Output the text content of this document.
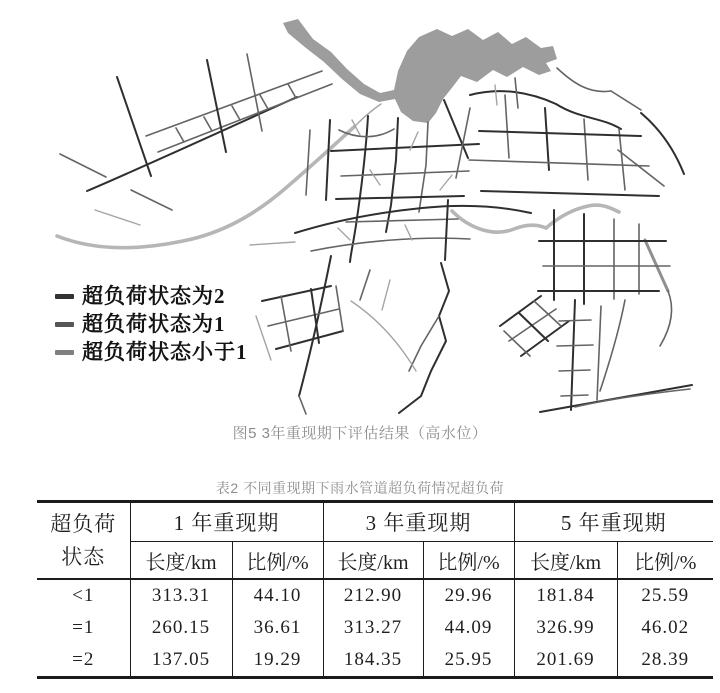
超负荷状态为2
超负荷状态为1
超负荷状态小于1
图5 3年重现期下评估结果（高水位）
表2 不同重现期下雨水管道超负荷情况超负荷
超负荷
状态	1 年重现期		3 年重现期		5 年重现期	
	长度/km	比例/%	长度/km	比例/%	长度/km	比例/%
<1	313.31	44.10	212.90	29.96	181.84	25.59
=1	260.15	36.61	313.27	44.09	326.99	46.02
=2	137.05	19.29	184.35	25.95	201.69	28.39
